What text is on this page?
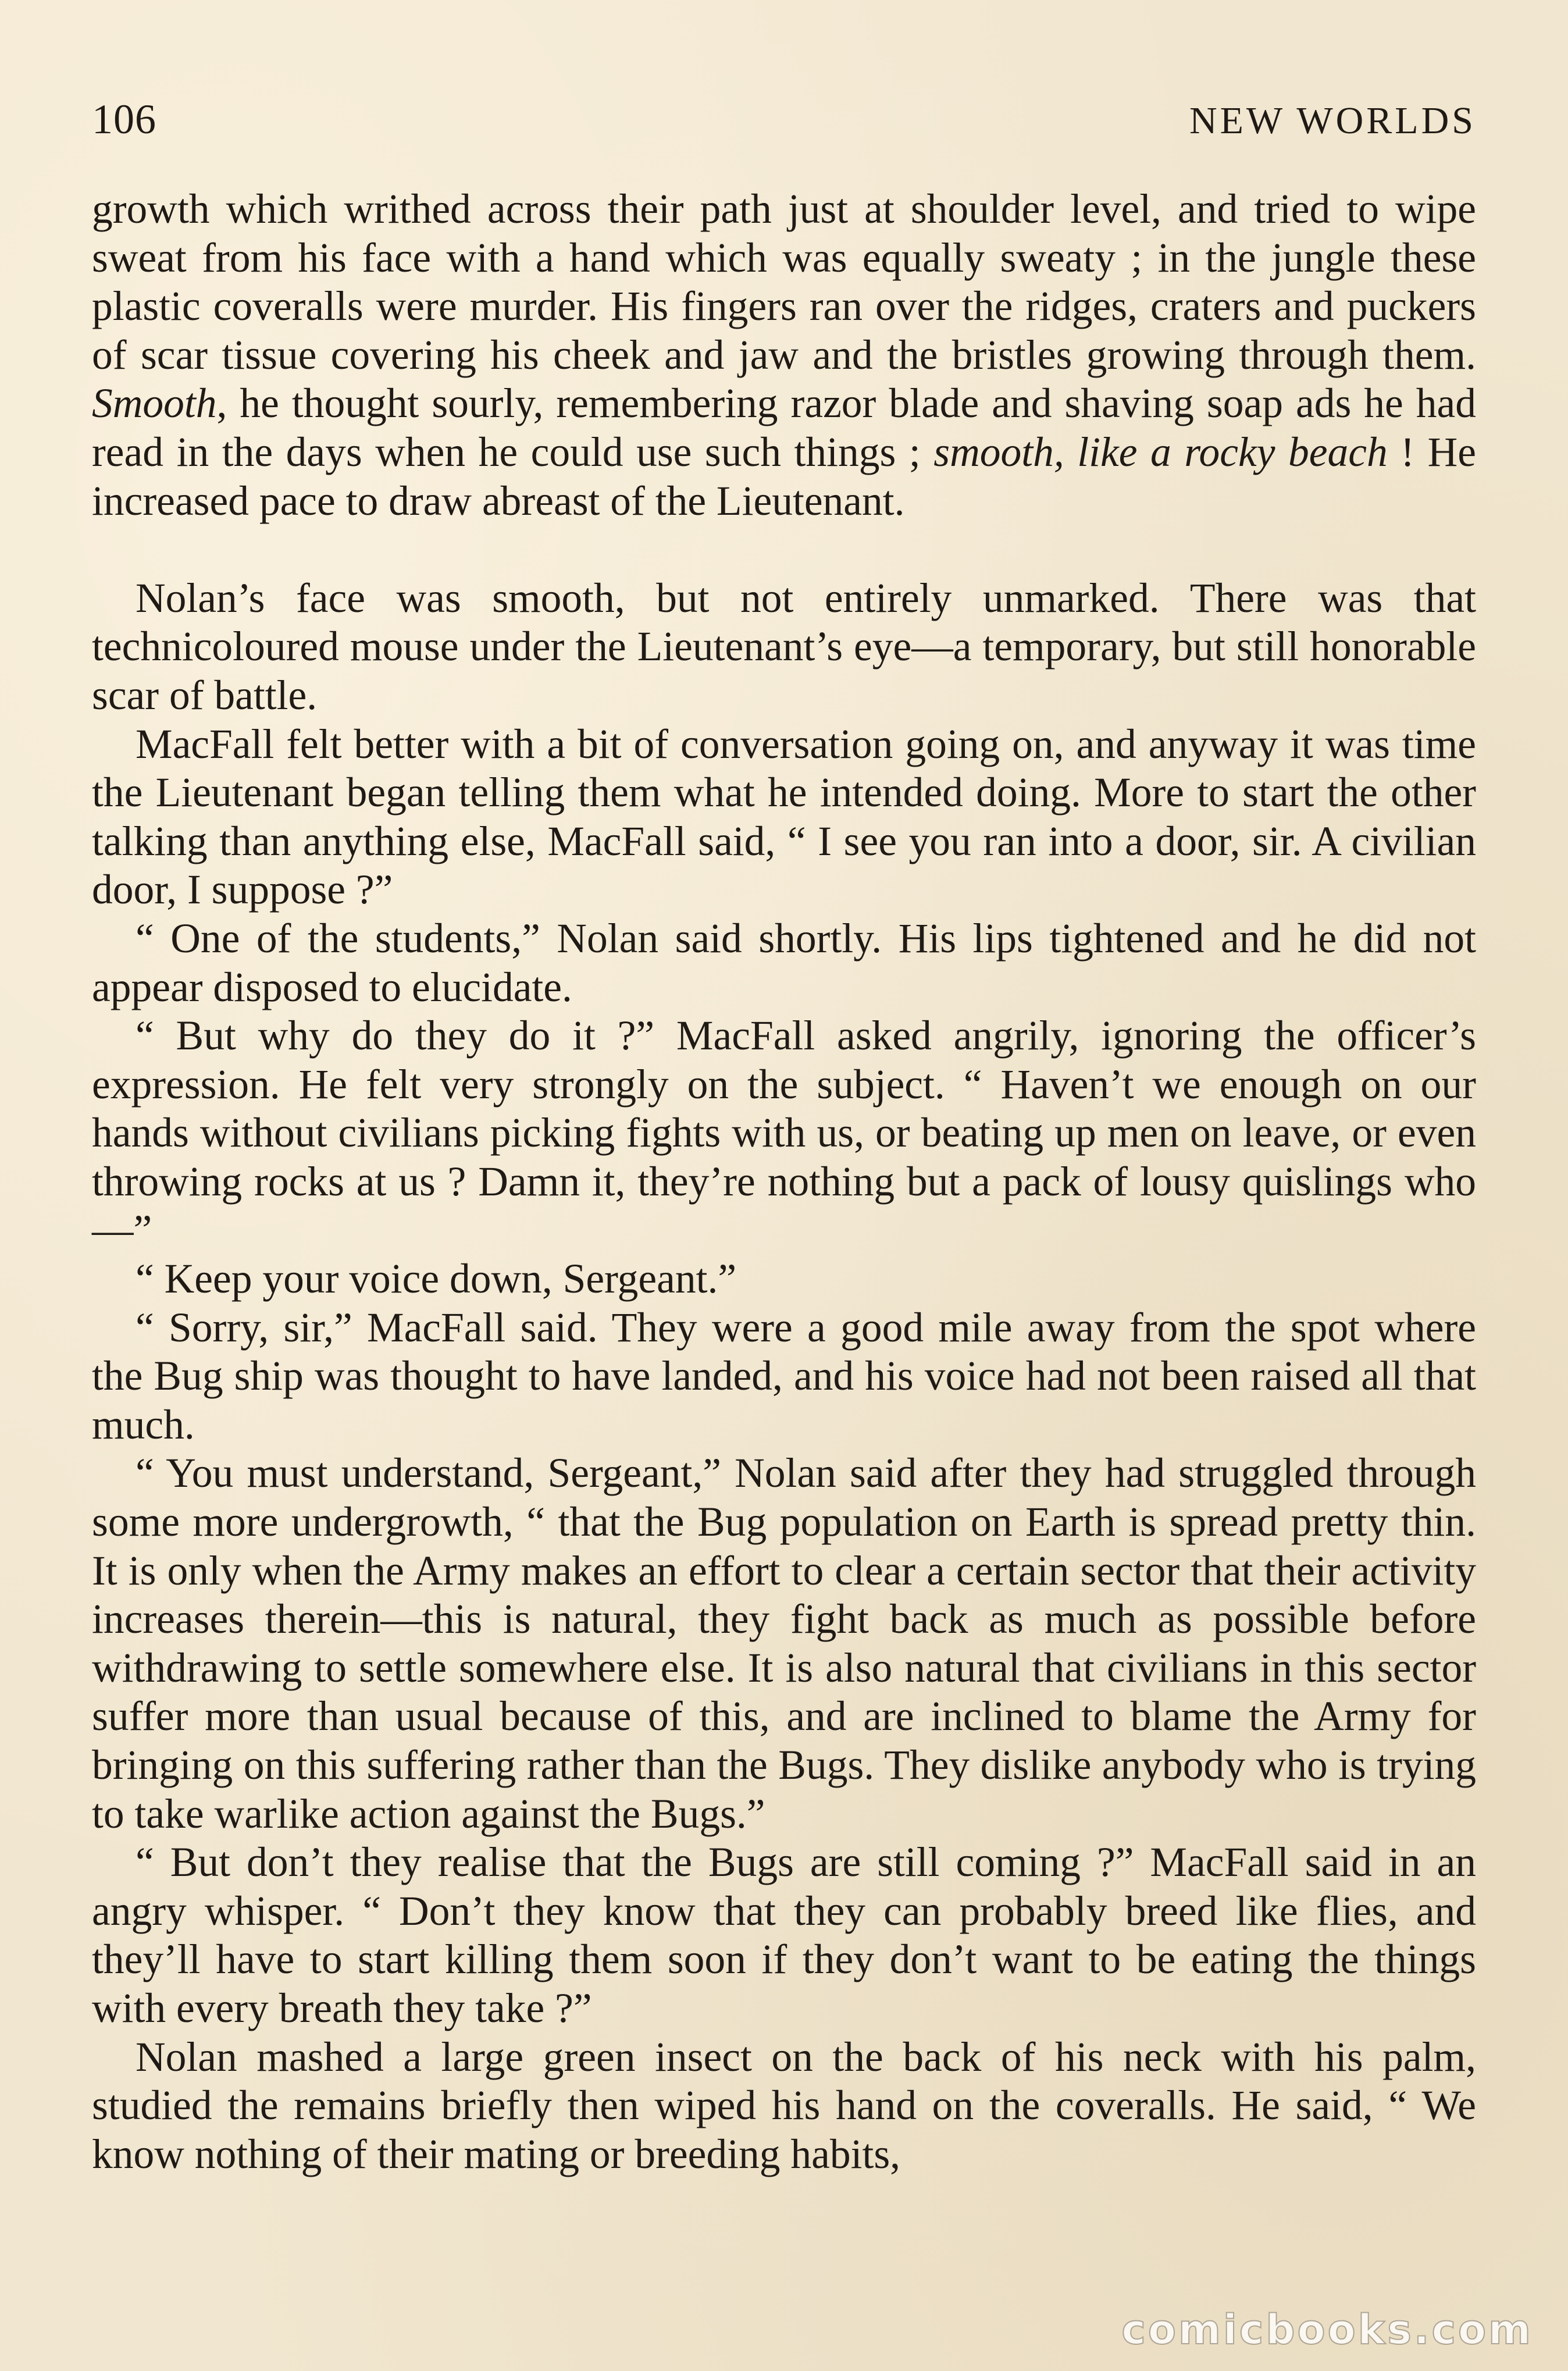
106	NEW WORLDS

growth which writhed across their path just at shoulder level, and tried to wipe sweat from his face with a hand which was equally sweaty ; in the jungle these plastic coveralls were murder. His fingers ran over the ridges, craters and puckers of scar tissue covering his cheek and jaw and the bristles growing through them. Smooth, he thought sourly, remembering razor blade and shaving soap ads he had read in the days when he could use such things ; smooth, like a rocky beach ! He increased pace to draw abreast of the Lieutenant.

Nolan’s face was smooth, but not entirely unmarked. There was that technicoloured mouse under the Lieutenant’s eye—a temporary, but still honorable scar of battle.

MacFall felt better with a bit of conversation going on, and anyway it was time the Lieutenant began telling them what he intended doing. More to start the other talking than anything else, MacFall said, “ I see you ran into a door, sir. A civilian door, I suppose ?”

“ One of the students,” Nolan said shortly. His lips tightened and he did not appear disposed to elucidate.

“ But why do they do it ?” MacFall asked angrily, ignoring the officer’s expression. He felt very strongly on the subject. “ Haven’t we enough on our hands without civilians picking fights with us, or beating up men on leave, or even throwing rocks at us ? Damn it, they’re nothing but a pack of lousy quislings who—”

“ Keep your voice down, Sergeant.”

“ Sorry, sir,” MacFall said. They were a good mile away from the spot where the Bug ship was thought to have landed, and his voice had not been raised all that much.

“ You must understand, Sergeant,” Nolan said after they had struggled through some more undergrowth, “ that the Bug population on Earth is spread pretty thin. It is only when the Army makes an effort to clear a certain sector that their activity increases therein—this is natural, they fight back as much as possible before withdrawing to settle somewhere else. It is also natural that civilians in this sector suffer more than usual because of this, and are inclined to blame the Army for bringing on this suffering rather than the Bugs. They dislike anybody who is trying to take warlike action against the Bugs.”

“ But don’t they realise that the Bugs are still coming ?” MacFall said in an angry whisper. “ Don’t they know that they can probably breed like flies, and they’ll have to start killing them soon if they don’t want to be eating the things with every breath they take ?”

Nolan mashed a large green insect on the back of his neck with his palm, studied the remains briefly then wiped his hand on the coveralls. He said, “ We know nothing of their mating or breeding habits,

comicbooks.com
